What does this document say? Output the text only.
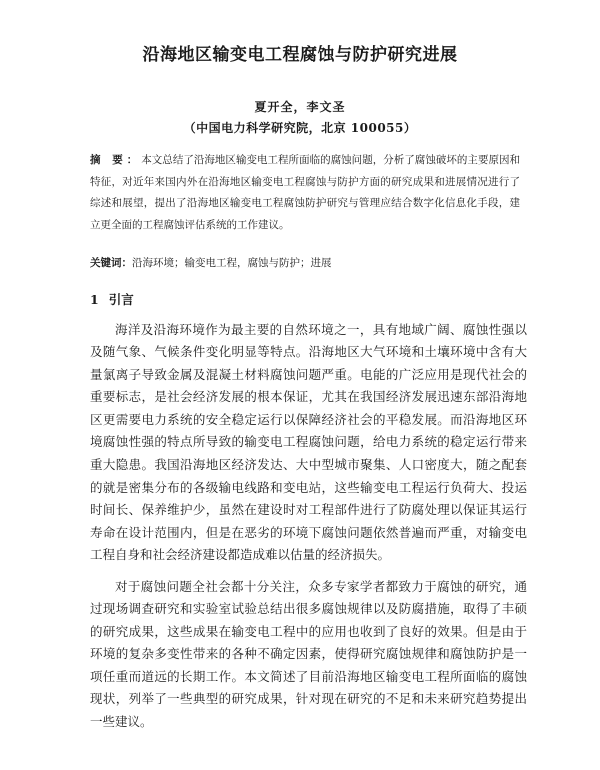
沿海地区输变电工程腐蚀与防护研究进展
夏开全，李文圣
（中国电力科学研究院，北京 100055）
摘 要：本文总结了沿海地区输变电工程所面临的腐蚀问题，分析了腐蚀破坏的主要原因和特征，对近年来国内外在沿海地区输变电工程腐蚀与防护方面的研究成果和进展情况进行了综述和展望，提出了沿海地区输变电工程腐蚀防护研究与管理应结合数字化信息化手段，建立更全面的工程腐蚀评估系统的工作建议。
关键词：沿海环境；输变电工程，腐蚀与防护；进展
1 引言

海洋及沿海环境作为最主要的自然环境之一，具有地域广阔、腐蚀性强以及随气象、气候条件变化明显等特点。沿海地区大气环境和土壤环境中含有大量氯离子导致金属及混凝土材料腐蚀问题严重。电能的广泛应用是现代社会的重要标志，是社会经济发展的根本保证，尤其在我国经济发展迅速东部沿海地区更需要电力系统的安全稳定运行以保障经济社会的平稳发展。而沿海地区环境腐蚀性强的特点所导致的输变电工程腐蚀问题，给电力系统的稳定运行带来重大隐患。我国沿海地区经济发达、大中型城市聚集、人口密度大，随之配套的就是密集分布的各级输电线路和变电站，这些输变电工程运行负荷大、投运时间长、保养维护少，虽然在建设时对工程部件进行了防腐处理以保证其运行寿命在设计范围内，但是在恶劣的环境下腐蚀问题依然普遍而严重，对输变电工程自身和社会经济建设都造成难以估量的经济损失。

对于腐蚀问题全社会都十分关注，众多专家学者都致力于腐蚀的研究，通过现场调查研究和实验室试验总结出很多腐蚀规律以及防腐措施，取得了丰硕的研究成果，这些成果在输变电工程中的应用也收到了良好的效果。但是由于环境的复杂多变性带来的各种不确定因素，使得研究腐蚀规律和腐蚀防护是一项任重而道远的长期工作。本文简述了目前沿海地区输变电工程所面临的腐蚀现状，列举了一些典型的研究成果，针对现在研究的不足和未来研究趋势提出一些建议。
